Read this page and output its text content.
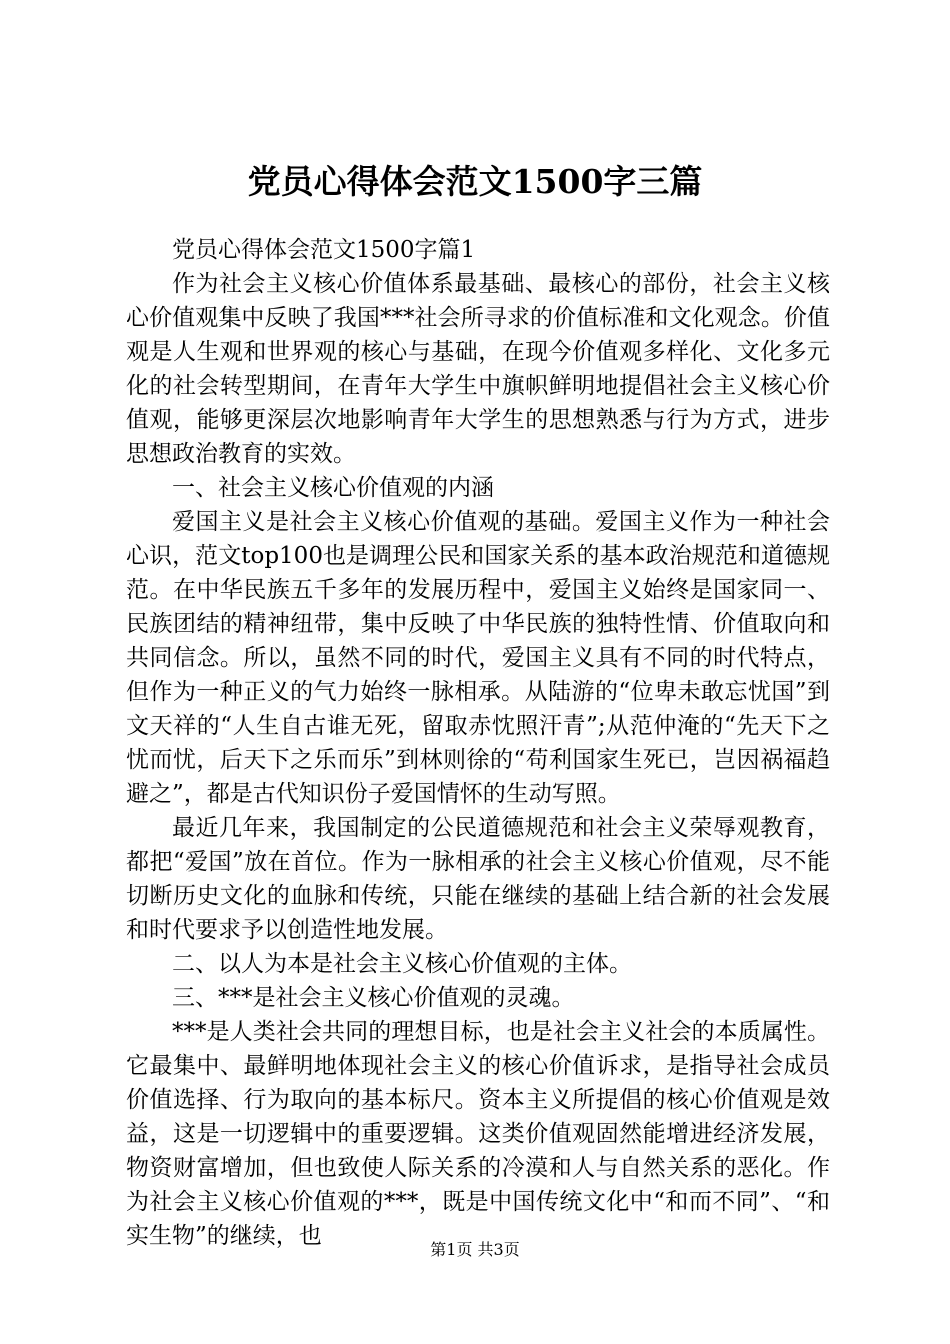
党员心得体会范文1500字三篇

党员心得体会范文1500字篇1

作为社会主义核心价值体系最基础、最核心的部份，社会主义核心价值观集中反映了我国***社会所寻求的价值标准和文化观念。价值观是人生观和世界观的核心与基础，在现今价值观多样化、文化多元化的社会转型期间，在青年大学生中旗帜鲜明地提倡社会主义核心价值观，能够更深层次地影响青年大学生的思想熟悉与行为方式，进步思想政治教育的实效。

一、社会主义核心价值观的内涵

爱国主义是社会主义核心价值观的基础。爱国主义作为一种社会心识，范文top100也是调理公民和国家关系的基本政治规范和道德规范。在中华民族五千多年的发展历程中，爱国主义始终是国家同一、民族团结的精神纽带，集中反映了中华民族的独特性情、价值取向和共同信念。所以，虽然不同的时代，爱国主义具有不同的时代特点，但作为一种正义的气力始终一脉相承。从陆游的“位卑未敢忘忧国”到文天祥的“人生自古谁无死，留取赤忱照汗青”;从范仲淹的“先天下之忧而忧，后天下之乐而乐”到林则徐的“苟利国家生死已，岂因祸福趋避之”，都是古代知识份子爱国情怀的生动写照。

最近几年来，我国制定的公民道德规范和社会主义荣辱观教育，都把“爱国”放在首位。作为一脉相承的社会主义核心价值观，尽不能切断历史文化的血脉和传统，只能在继续的基础上结合新的社会发展和时代要求予以创造性地发展。

二、以人为本是社会主义核心价值观的主体。

三、***是社会主义核心价值观的灵魂。

***是人类社会共同的理想目标，也是社会主义社会的本质属性。它最集中、最鲜明地体现社会主义的核心价值诉求，是指导社会成员价值选择、行为取向的基本标尺。资本主义所提倡的核心价值观是效益，这是一切逻辑中的重要逻辑。这类价值观固然能增进经济发展，物资财富增加，但也致使人际关系的冷漠和人与自然关系的恶化。作为社会主义核心价值观的***，既是中国传统文化中“和而不同”、“和实生物”的继续，也

第1页 共3页
